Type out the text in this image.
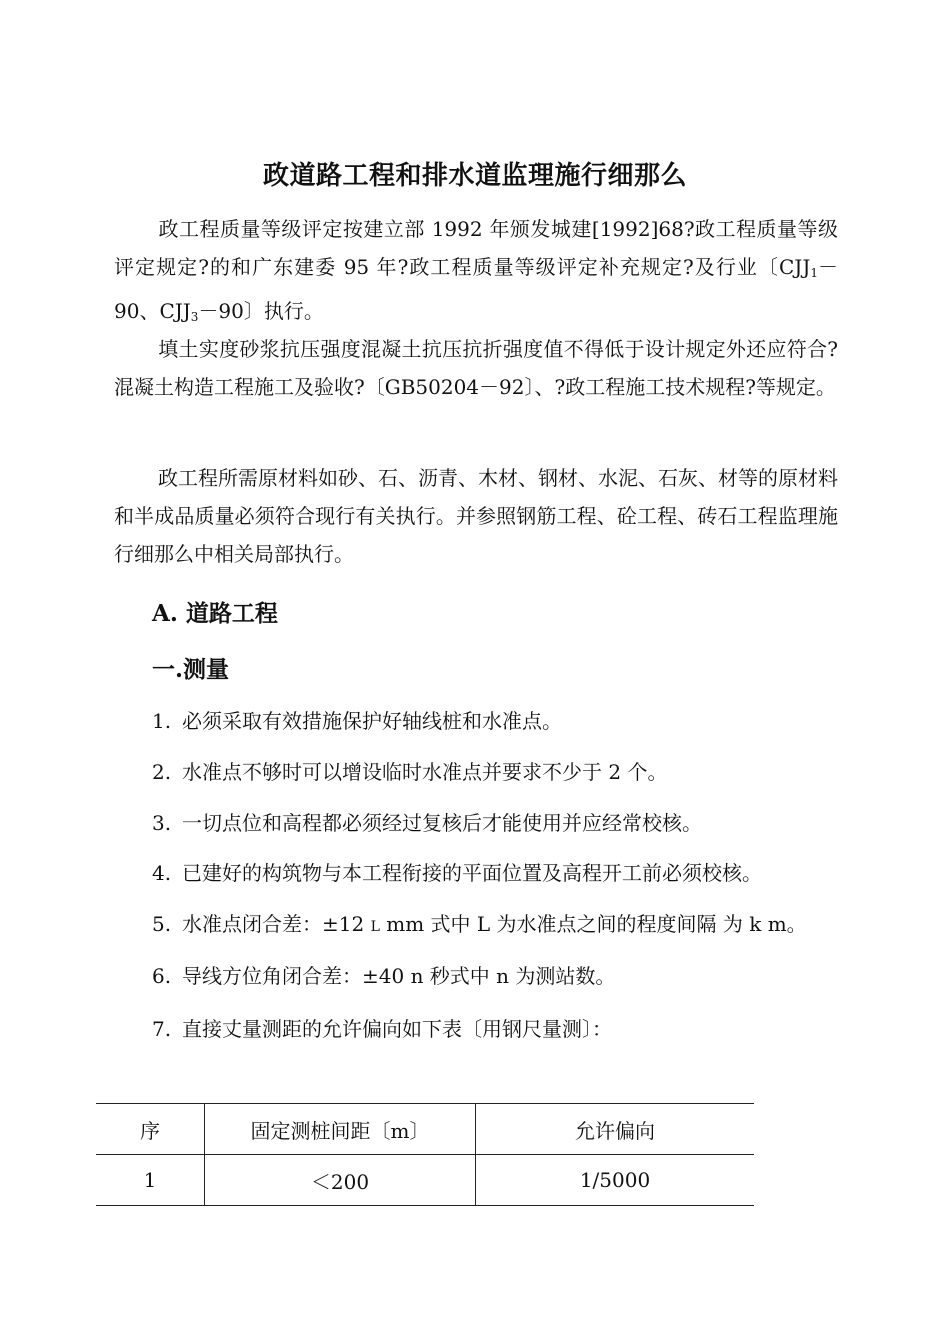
政道路工程和排水道监理施行细那么
政工程质量等级评定按建立部 1992 年颁发城建[1992]68?政工程质量等级评定规定?的和广东建委 95 年?政工程质量等级评定补充规定?及行业〔$CJJ_1-90$、$CJJ_3-90$〕执行。
填土实度砂浆抗压强度混凝土抗压抗折强度值不得低于设计规定外还应符合?混凝土构造工程施工及验收?〔GB50204－92〕、?政工程施工技术规程?等规定。
政工程所需原材料如砂、石、沥青、木材、钢材、水泥、石灰、材等的原材料和半成品质量必须符合现行有关执行。并参照钢筋工程、砼工程、砖石工程监理施行细那么中相关局部执行。
A. 道路工程
一.测量
1. 必须采取有效措施保护好轴线桩和水准点。
2. 水准点不够时可以增设临时水准点并要求不少于 2 个。
3. 一切点位和高程都必须经过复核后才能使用并应经常校核。
4. 已建好的构筑物与本工程衔接的平面位置及高程开工前必须校核。
5. 水准点闭合差：±12 L mm 式中 L 为水准点之间的程度间隔 为 k m。
6. 导线方位角闭合差：±40 n 秒式中 n 为测站数。
7. 直接丈量测距的允许偏向如下表〔用钢尺量测〕：
序	固定测桩间距〔m〕	允许偏向
1	＜200	1/5000
